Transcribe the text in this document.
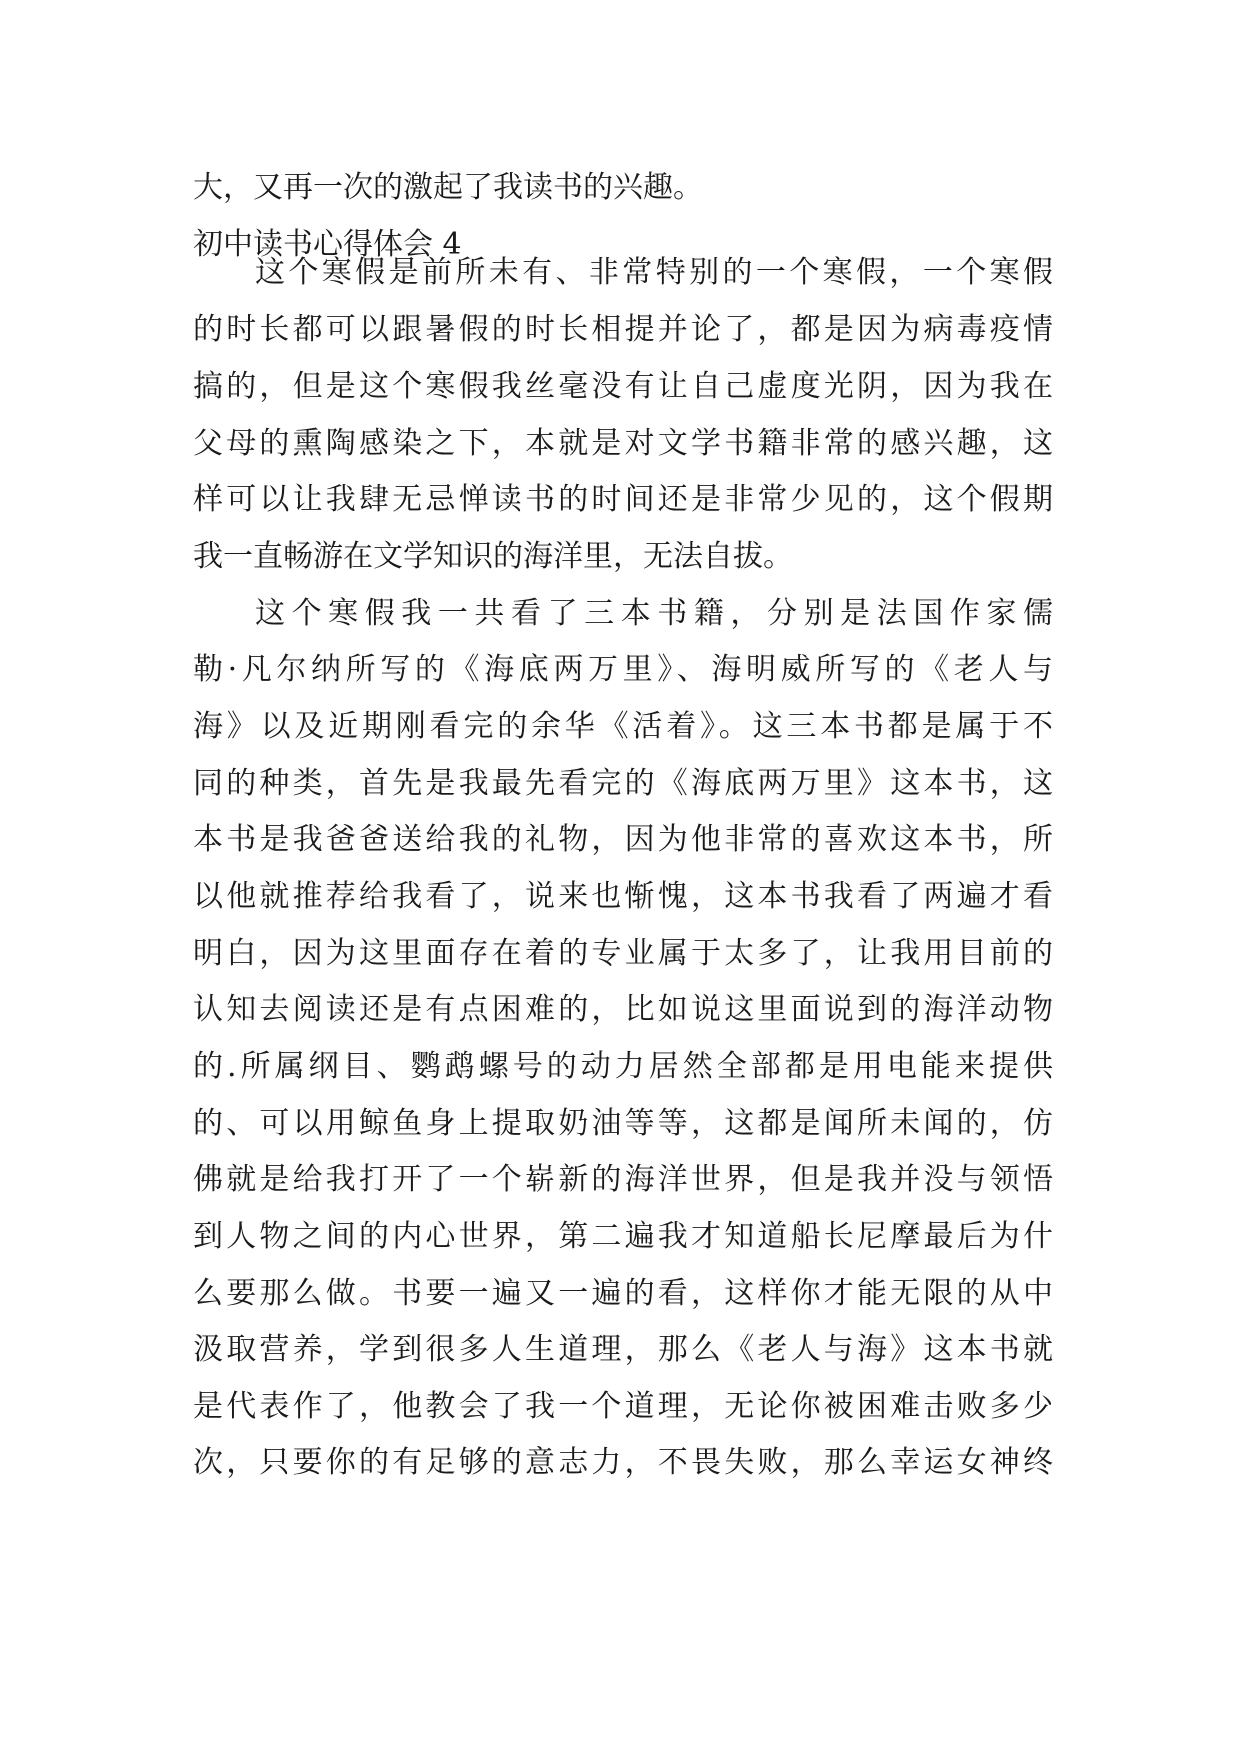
大，又再一次的激起了我读书的兴趣。
初中读书心得体会 4
这个寒假是前所未有、非常特别的一个寒假，一个寒假
的时长都可以跟暑假的时长相提并论了，都是因为病毒疫情
搞的，但是这个寒假我丝毫没有让自己虚度光阴，因为我在
父母的熏陶感染之下，本就是对文学书籍非常的感兴趣，这
样可以让我肆无忌惮读书的时间还是非常少见的，这个假期
我一直畅游在文学知识的海洋里，无法自拔。
这个寒假我一共看了三本书籍，分别是法国作家儒
勒·凡尔纳所写的《海底两万里》、海明威所写的《老人与
海》以及近期刚看完的余华《活着》。这三本书都是属于不
同的种类，首先是我最先看完的《海底两万里》这本书，这
本书是我爸爸送给我的礼物，因为他非常的喜欢这本书，所
以他就推荐给我看了，说来也惭愧，这本书我看了两遍才看
明白，因为这里面存在着的专业属于太多了，让我用目前的
认知去阅读还是有点困难的，比如说这里面说到的海洋动物
的.所属纲目、鹦鹉螺号的动力居然全部都是用电能来提供
的、可以用鲸鱼身上提取奶油等等，这都是闻所未闻的，仿
佛就是给我打开了一个崭新的海洋世界，但是我并没与领悟
到人物之间的内心世界，第二遍我才知道船长尼摩最后为什
么要那么做。书要一遍又一遍的看，这样你才能无限的从中
汲取营养，学到很多人生道理，那么《老人与海》这本书就
是代表作了，他教会了我一个道理，无论你被困难击败多少
次，只要你的有足够的意志力，不畏失败，那么幸运女神终
